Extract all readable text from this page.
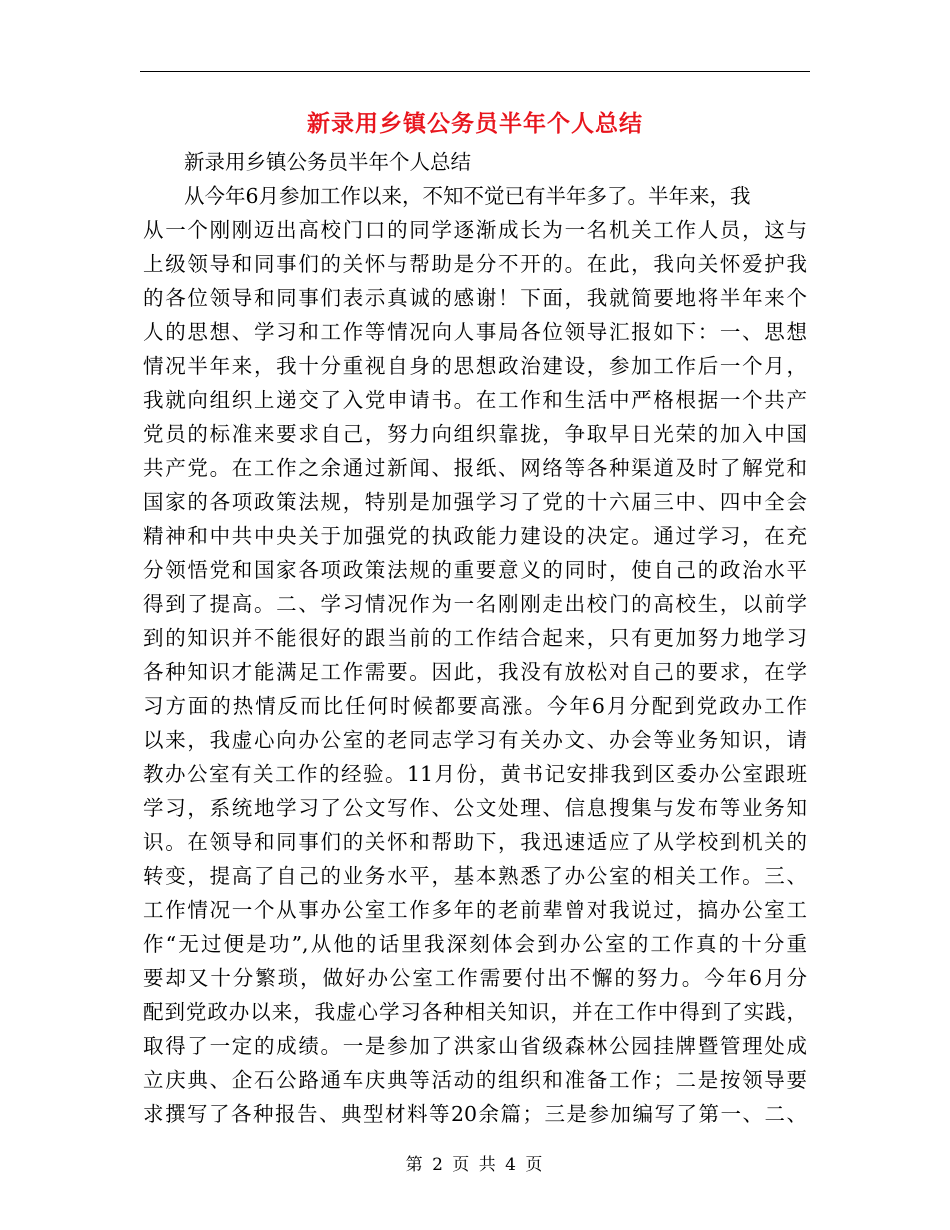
新录用乡镇公务员半年个人总结
新录用乡镇公务员半年个人总结
从今年6月参加工作以来，不知不觉已有半年多了。半年来，我
从一个刚刚迈出高校门口的同学逐渐成长为一名机关工作人员，这与
上级领导和同事们的关怀与帮助是分不开的。在此，我向关怀爱护我
的各位领导和同事们表示真诚的感谢！下面，我就简要地将半年来个
人的思想、学习和工作等情况向人事局各位领导汇报如下：一、思想
情况半年来，我十分重视自身的思想政治建设，参加工作后一个月，
我就向组织上递交了入党申请书。在工作和生活中严格根据一个共产
党员的标准来要求自己，努力向组织靠拢，争取早日光荣的加入中国
共产党。在工作之余通过新闻、报纸、网络等各种渠道及时了解党和
国家的各项政策法规，特别是加强学习了党的十六届三中、四中全会
精神和中共中央关于加强党的执政能力建设的决定。通过学习，在充
分领悟党和国家各项政策法规的重要意义的同时，使自己的政治水平
得到了提高。二、学习情况作为一名刚刚走出校门的高校生，以前学
到的知识并不能很好的跟当前的工作结合起来，只有更加努力地学习
各种知识才能满足工作需要。因此，我没有放松对自己的要求，在学
习方面的热情反而比任何时候都要高涨。今年6月分配到党政办工作
以来，我虚心向办公室的老同志学习有关办文、办会等业务知识，请
教办公室有关工作的经验。11月份，黄书记安排我到区委办公室跟班
学习，系统地学习了公文写作、公文处理、信息搜集与发布等业务知
识。在领导和同事们的关怀和帮助下，我迅速适应了从学校到机关的
转变，提高了自己的业务水平，基本熟悉了办公室的相关工作。三、
工作情况一个从事办公室工作多年的老前辈曾对我说过，搞办公室工
作“无过便是功”,从他的话里我深刻体会到办公室的工作真的十分重
要却又十分繁琐，做好办公室工作需要付出不懈的努力。今年6月分
配到党政办以来，我虚心学习各种相关知识，并在工作中得到了实践，
取得了一定的成绩。一是参加了洪家山省级森林公园挂牌暨管理处成
立庆典、企石公路通车庆典等活动的组织和准备工作；二是按领导要
求撰写了各种报告、典型材料等20余篇；三是参加编写了第一、二、
第 2 页 共 4 页
